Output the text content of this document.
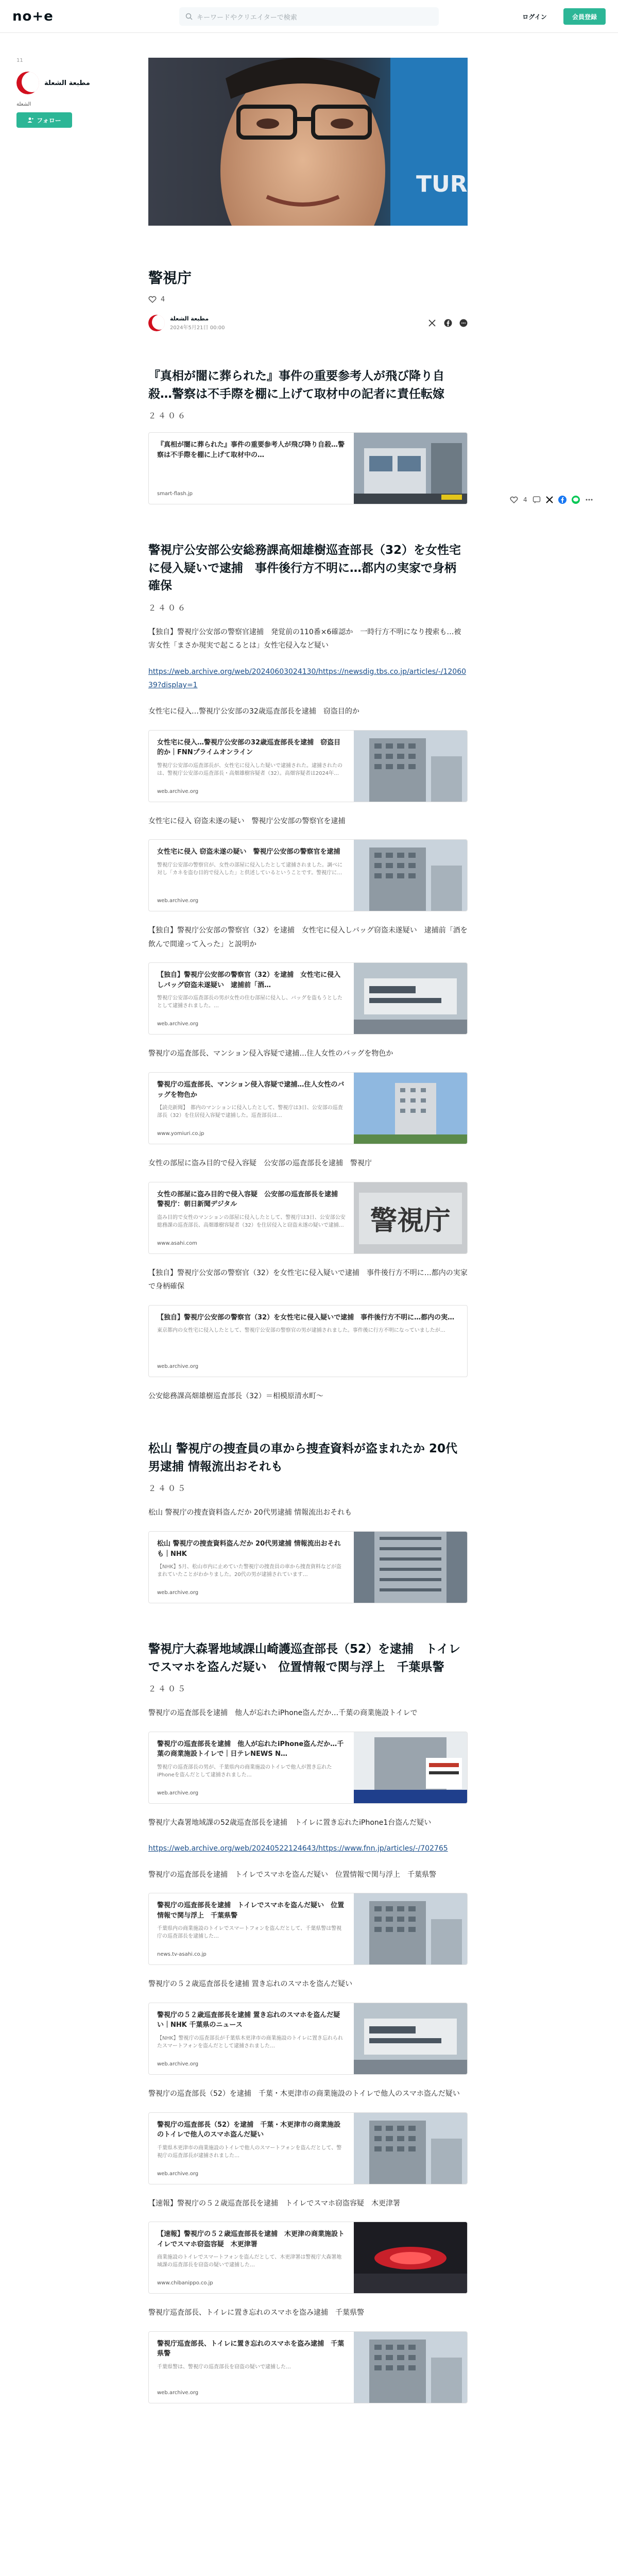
no+e	キーワードやクリエイターで検索	ログイン	会員登録
11
مطبعة الشعلة
الشعلة
フォロー
TUR
4
警視庁
4
مطبعة الشعلة
2024年5月21日 00:00
『真相が闇に葬られた』事件の重要参考人が飛び降り自殺…警察は不手際を棚に上げて取材中の記者に責任転嫁
２４０６
『真相が闇に葬られた』事件の重要参考人が飛び降り自殺…警察は不手際を棚に上げて取材中の…
smart-flash.jp
警視庁公安部公安総務課高畑雄樹巡査部長（32）を女性宅に侵入疑いで逮捕　事件後行方不明に…都内の実家で身柄確保
２４０６

【独自】警視庁公安部の警察官逮捕　発覚前の110番×6確認か　一時行方不明になり捜索も…被害女性「まさか現実で起こるとは」女性宅侵入など疑い

https://web.archive.org/web/20240603024130/https://newsdig.tbs.co.jp/articles/-/1206039?display=1

女性宅に侵入…警視庁公安部の32歳巡査部長を逮捕　窃盗目的か

女性宅に侵入…警視庁公安部の32歳巡査部長を逮捕　窃盗目的か｜FNNプライムオンライン
警視庁公安部の巡査部長が、女性宅に侵入した疑いで逮捕された。逮捕されたのは、警視庁公安部の巡査部長・高畑雄樹容疑者（32）。高畑容疑者は2024年…
web.archive.org

女性宅に侵入 窃盗未遂の疑い　警視庁公安部の警察官を逮捕

女性宅に侵入 窃盗未遂の疑い　警視庁公安部の警察官を逮捕
警視庁公安部の警察官が、女性の部屋に侵入したとして逮捕されました。調べに対し「カネを盗む目的で侵入した」と供述しているということです。警視庁に…
web.archive.org

【独自】警視庁公安部の警察官（32）を逮捕　女性宅に侵入しバッグ窃盗未遂疑い　逮捕前「酒を飲んで間違って入った」と説明か

【独自】警視庁公安部の警察官（32）を逮捕　女性宅に侵入しバッグ窃盗未遂疑い　逮捕前「酒…
警視庁公安部の巡査部長の男が女性の住む部屋に侵入し、バッグを盗もうとしたとして逮捕されました。…
web.archive.org

警視庁の巡査部長、マンション侵入容疑で逮捕…住人女性のバッグを物色か

警視庁の巡査部長、マンション侵入容疑で逮捕…住人女性のバッグを物色か
【読売新聞】　都内のマンションに侵入したとして、警視庁は3日、公安部の巡査部長（32）を住居侵入容疑で逮捕した。巡査部長は…
www.yomiuri.co.jp

女性の部屋に盗み目的で侵入容疑　公安部の巡査部長を逮捕　警視庁

女性の部屋に盗み目的で侵入容疑　公安部の巡査部長を逮捕　警視庁：朝日新聞デジタル
盗み目的で女性のマンションの部屋に侵入したとして、警視庁は3日、公安部公安総務課の巡査部長、高畑雄樹容疑者（32）を住居侵入と窃盗未遂の疑いで逮捕…
www.asahi.com
警視庁

【独自】警視庁公安部の警察官（32）を女性宅に侵入疑いで逮捕　事件後行方不明に…都内の実家で身柄確保

【独自】警視庁公安部の警察官（32）を女性宅に侵入疑いで逮捕　事件後行方不明に…都内の実…
東京都内の女性宅に侵入したとして、警視庁公安部の警察官の男が逮捕されました。事件後に行方不明になっていましたが…
web.archive.org

公安総務課高畑雄樹巡査部長（32）＝相模原清水町〜

松山 警視庁の捜査員の車から捜査資料が盗まれたか 20代男逮捕 情報流出おそれも
２４０５

松山 警視庁の捜査資料盗んだか 20代男逮捕 情報流出おそれも

松山 警視庁の捜査資料盗んだか 20代男逮捕 情報流出おそれも｜NHK
【NHK】5月、松山市内に止めていた警視庁の捜査員の車から捜査資料などが盗まれていたことがわかりました。20代の男が逮捕されています…
web.archive.org
警視庁大森署地域課山崎護巡査部長（52）を逮捕　トイレでスマホを盗んだ疑い　位置情報で関与浮上　千葉県警
２４０５

警視庁の巡査部長を逮捕　他人が忘れたiPhone盗んだか…千葉の商業施設トイレで

警視庁の巡査部長を逮捕　他人が忘れたiPhone盗んだか…千葉の商業施設トイレで｜日テレNEWS N…
警視庁の巡査部長の男が、千葉県内の商業施設のトイレで他人が置き忘れたiPhoneを盗んだとして逮捕されました…
web.archive.org

警視庁大森署地域課の52歳巡査部長を逮捕　トイレに置き忘れたiPhone1台盗んだ疑い

https://web.archive.org/web/20240522124643/https://www.fnn.jp/articles/-/702765

警視庁の巡査部長を逮捕　トイレでスマホを盗んだ疑い　位置情報で関与浮上　千葉県警

警視庁の巡査部長を逮捕　トイレでスマホを盗んだ疑い　位置情報で関与浮上　千葉県警
千葉県内の商業施設のトイレでスマートフォンを盗んだとして、千葉県警は警視庁の巡査部長を逮捕した…
news.tv-asahi.co.jp

警視庁の５２歳巡査部長を逮捕 置き忘れのスマホを盗んだ疑い

警視庁の５２歳巡査部長を逮捕 置き忘れのスマホを盗んだ疑い｜NHK 千葉県のニュース
【NHK】警視庁の巡査部長が千葉県木更津市の商業施設のトイレに置き忘れられたスマートフォンを盗んだとして逮捕されました…
web.archive.org

警視庁の巡査部長（52）を逮捕　千葉・木更津市の商業施設のトイレで他人のスマホ盗んだ疑い

警視庁の巡査部長（52）を逮捕　千葉・木更津市の商業施設のトイレで他人のスマホ盗んだ疑い
千葉県木更津市の商業施設のトイレで他人のスマートフォンを盗んだとして、警視庁の巡査部長が逮捕されました…
web.archive.org

【速報】警視庁の５２歳巡査部長を逮捕　トイレでスマホ窃盗容疑　木更津署

【速報】警視庁の５２歳巡査部長を逮捕　木更津の商業施設トイレでスマホ窃盗容疑　木更津署
商業施設のトイレでスマートフォンを盗んだとして、木更津署は警視庁大森署地域課の巡査部長を窃盗の疑いで逮捕した…
www.chibanippo.co.jp

警視庁巡査部長、トイレに置き忘れのスマホを盗み逮捕　千葉県警

警視庁巡査部長、トイレに置き忘れのスマホを盗み逮捕　千葉県警
千葉県警は、警視庁の巡査部長を窃盗の疑いで逮捕した…
web.archive.org
